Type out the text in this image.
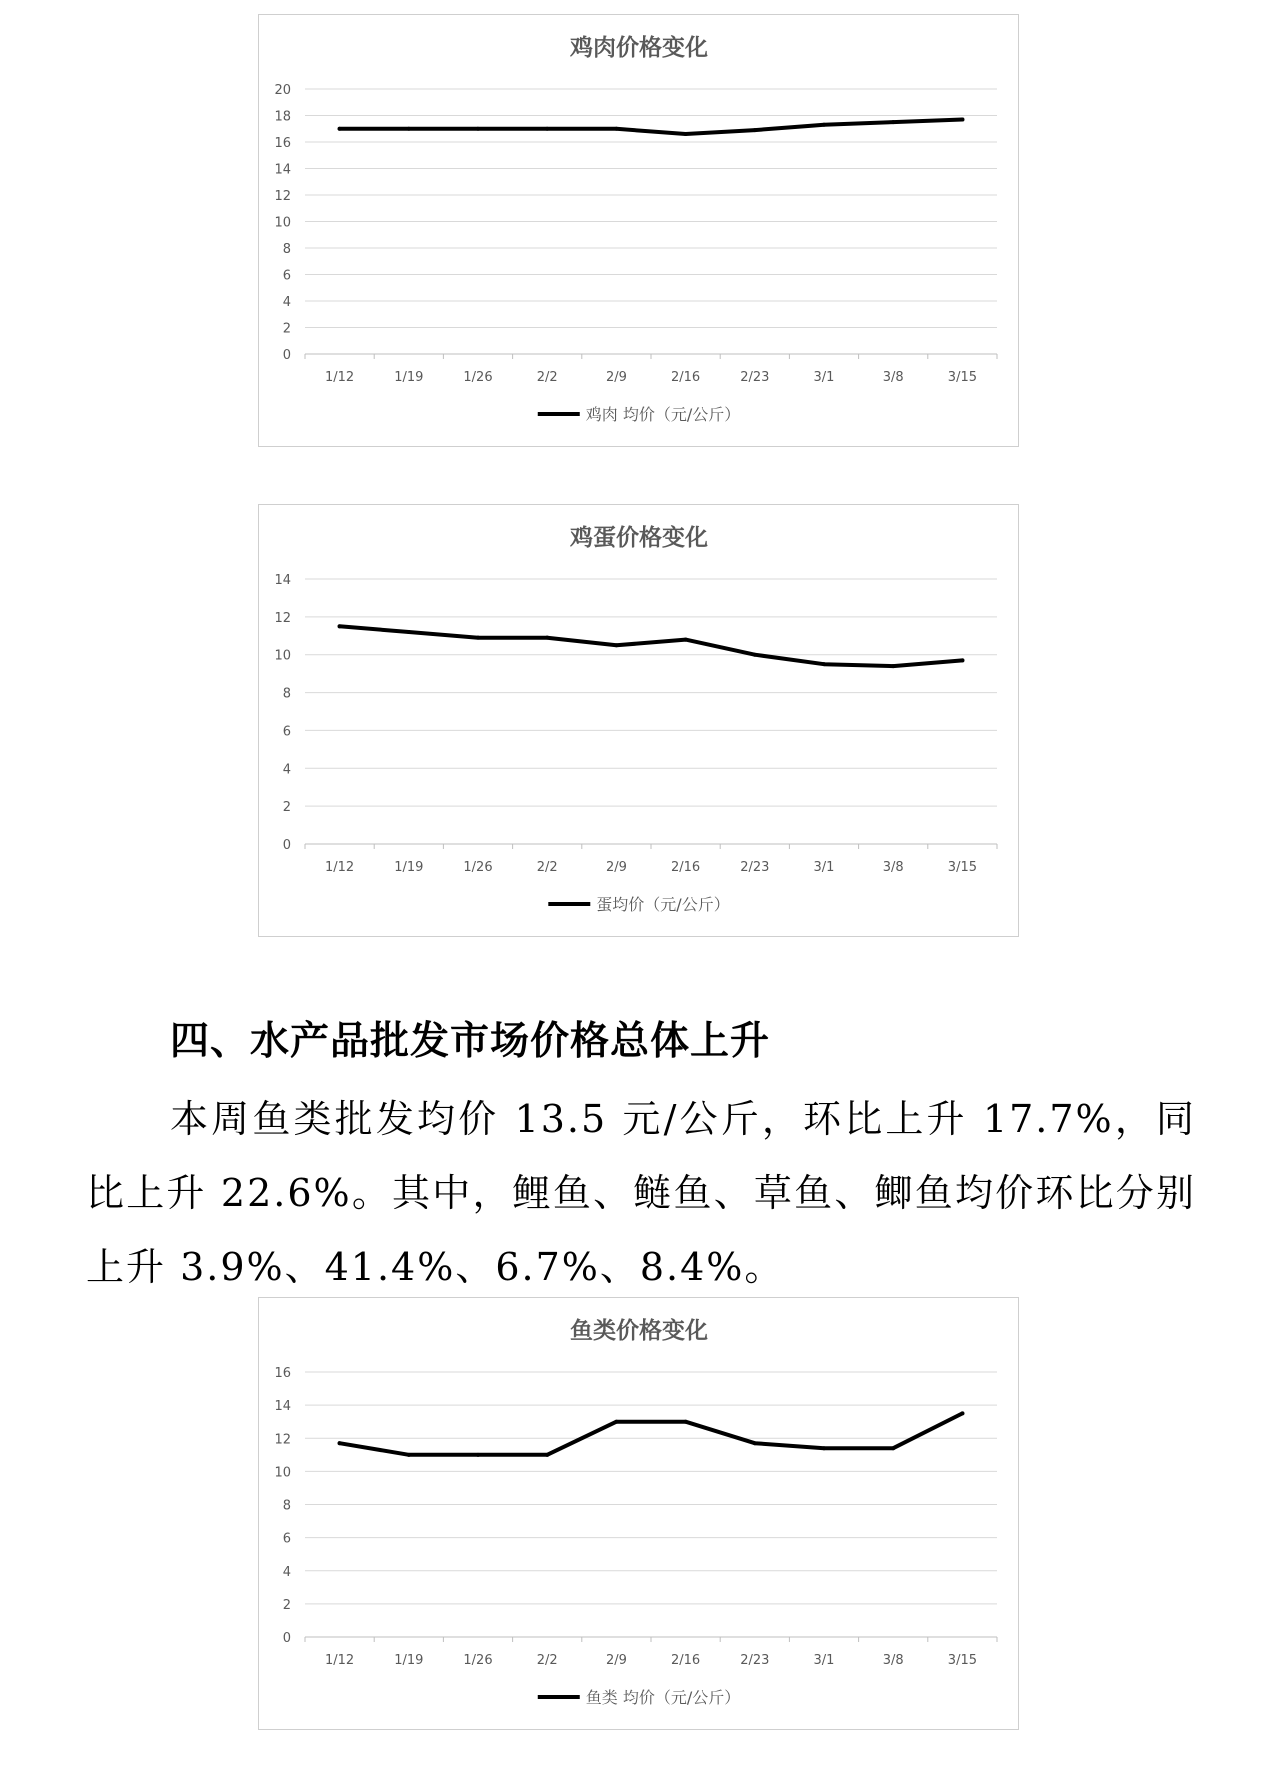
鸡肉价格变化
0
2
4
6
8
10
12
14
16
18
20
1/12	1/19	1/26	2/2	2/9	2/16	2/23	3/1	3/8	3/15
鸡肉 均价（元/公斤）
鸡蛋价格变化
0
2
4
6
8
10
12
14
1/12	1/19	1/26	2/2	2/9	2/16	2/23	3/1	3/8	3/15
蛋均价（元/公斤）
四、水产品批发市场价格总体上升

本周鱼类批发均价 13.5 元/公斤，环比上升 17.7%，同比上升 22.6%。其中，鲤鱼、鲢鱼、草鱼、鲫鱼均价环比分别上升 3.9%、41.4%、6.7%、8.4%。

鱼类价格变化
0
2
4
6
8
10
12
14
16
1/12	1/19	1/26	2/2	2/9	2/16	2/23	3/1	3/8	3/15
鱼类 均价（元/公斤）
